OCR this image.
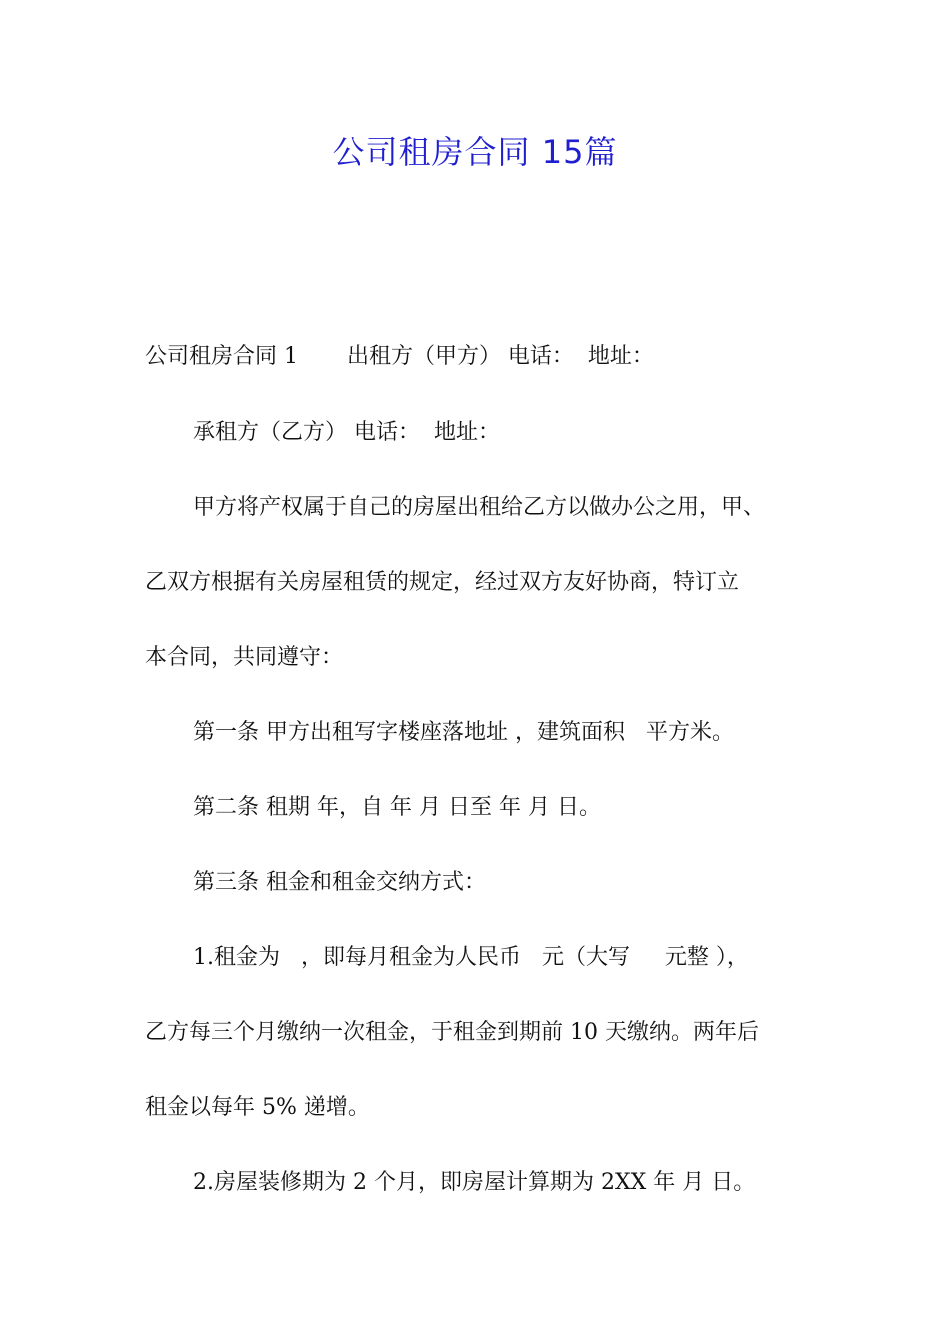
公司租房合同 15篇

公司租房合同 1       出租方（甲方） 电话：  地址：

承租方（乙方） 电话：  地址：

甲方将产权属于自己的房屋出租给乙方以做办公之用，甲、

乙双方根据有关房屋租赁的规定，经过双方友好协商，特订立

本合同，共同遵守：

第一条 甲方出租写字楼座落地址 ，建筑面积   平方米。

第二条 租期 年，自 年 月 日至 年 月 日。

第三条 租金和租金交纳方式：

1.租金为   ，即每月租金为人民币   元（大写     元整 ），

乙方每三个月缴纳一次租金，于租金到期前 10 天缴纳。两年后

租金以每年 5% 递增。

2.房屋装修期为 2 个月，即房屋计算期为 2XX 年 月 日。
